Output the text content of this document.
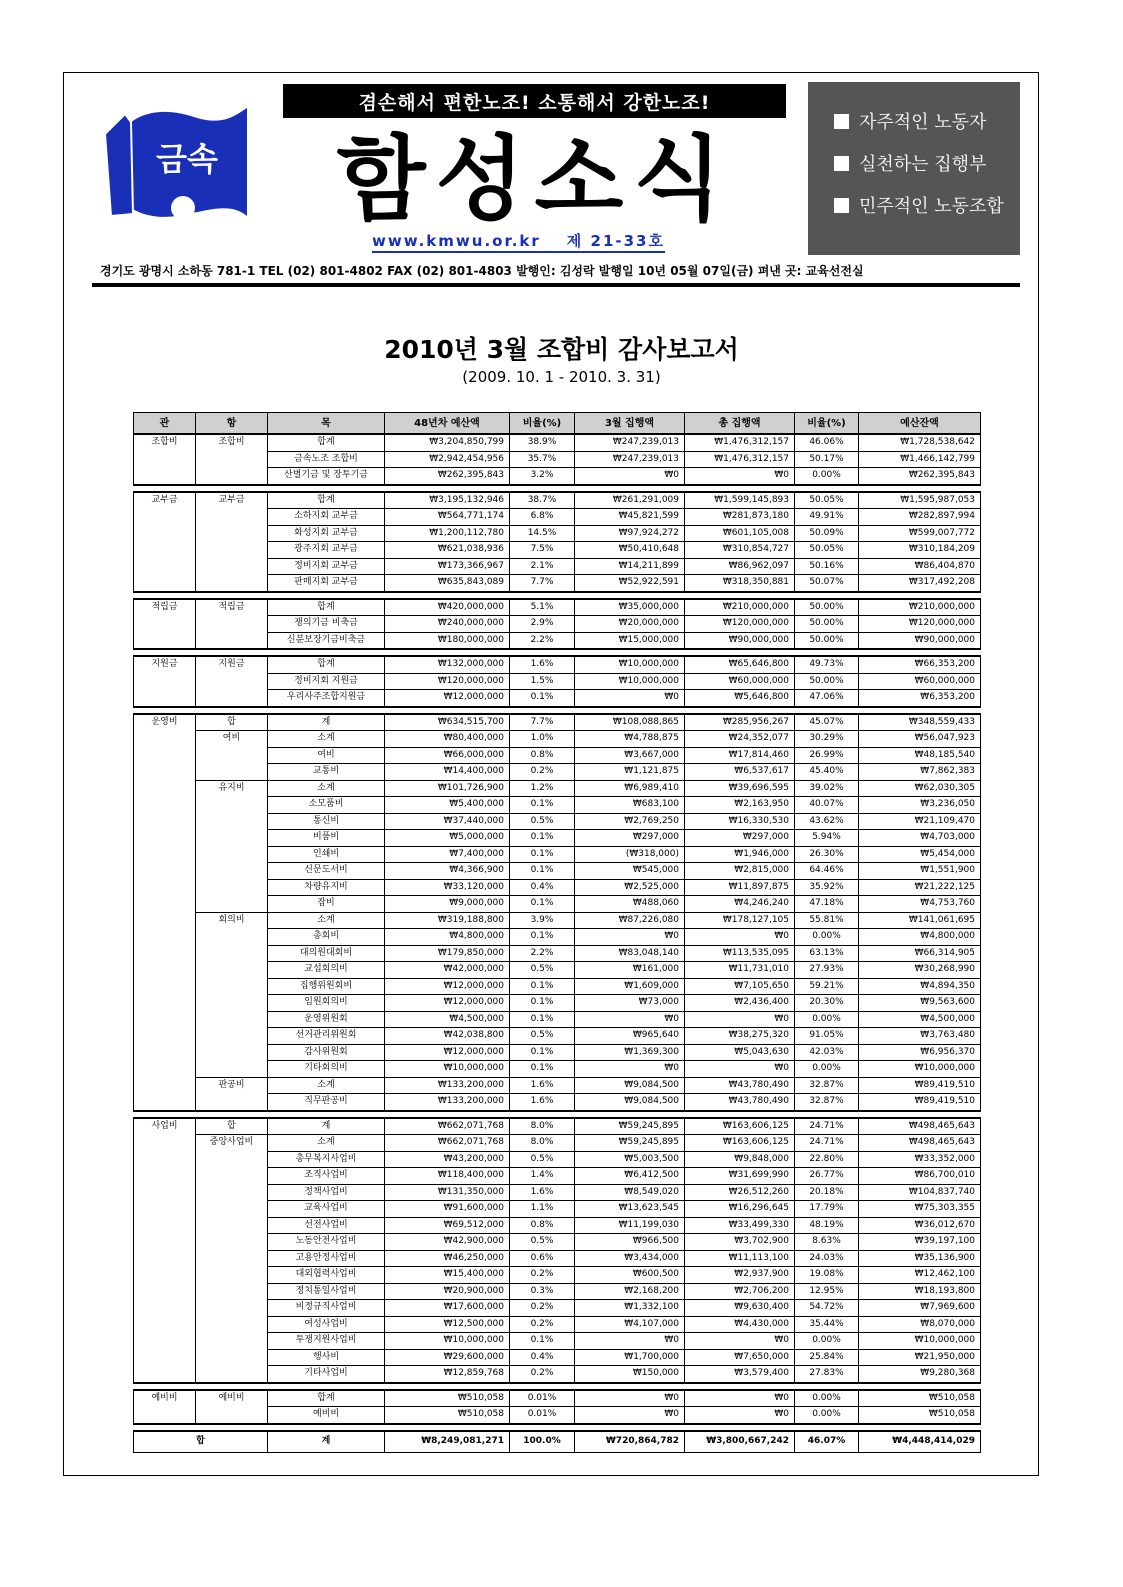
금속
겸손해서 편한노조! 소통해서 강한노조!
함성소식
www.kmwu.or.kr 제 21-33호
자주적인 노동자
실천하는 집행부
민주적인 노동조합
경기도 광명시 소하동 781-1 TEL (02) 801-4802 FAX (02) 801-4803 발행인: 김성락 발행일 10년 05월 07일(금) 펴낸 곳: 교육선전실
2010년 3월 조합비 감사보고서
(2009. 10. 1 - 2010. 3. 31)
관	항	목	48년차 예산액	비율(%)	3월 집행액	총 집행액	비율(%)	예산잔액
조합비	조합비	합계	₩3,204,850,799	38.9%	₩247,239,013	₩1,476,312,157	46.06%	₩1,728,538,642
		금속노조 조합비	₩2,942,454,956	35.7%	₩247,239,013	₩1,476,312,157	50.17%	₩1,466,142,799
		산별기금 및 장투기금	₩262,395,843	3.2%	₩0	₩0	0.00%	₩262,395,843

교부금	교부금	합계	₩3,195,132,946	38.7%	₩261,291,009	₩1,599,145,893	50.05%	₩1,595,987,053
		소하지회 교부금	₩564,771,174	6.8%	₩45,821,599	₩281,873,180	49.91%	₩282,897,994
		화성지회 교부금	₩1,200,112,780	14.5%	₩97,924,272	₩601,105,008	50.09%	₩599,007,772
		광주지회 교부금	₩621,038,936	7.5%	₩50,410,648	₩310,854,727	50.05%	₩310,184,209
		정비지회 교부금	₩173,366,967	2.1%	₩14,211,899	₩86,962,097	50.16%	₩86,404,870
		판매지회 교부금	₩635,843,089	7.7%	₩52,922,591	₩318,350,881	50.07%	₩317,492,208

적립금	적립금	합계	₩420,000,000	5.1%	₩35,000,000	₩210,000,000	50.00%	₩210,000,000
		쟁의기금 비축금	₩240,000,000	2.9%	₩20,000,000	₩120,000,000	50.00%	₩120,000,000
		신분보장기금비축금	₩180,000,000	2.2%	₩15,000,000	₩90,000,000	50.00%	₩90,000,000

지원금	지원금	합계	₩132,000,000	1.6%	₩10,000,000	₩65,646,800	49.73%	₩66,353,200
		정비지회 지원금	₩120,000,000	1.5%	₩10,000,000	₩60,000,000	50.00%	₩60,000,000
		우리사주조합지원금	₩12,000,000	0.1%	₩0	₩5,646,800	47.06%	₩6,353,200

운영비	합	계	₩634,515,700	7.7%	₩108,088,865	₩285,956,267	45.07%	₩348,559,433
	여비	소계	₩80,400,000	1.0%	₩4,788,875	₩24,352,077	30.29%	₩56,047,923
		여비	₩66,000,000	0.8%	₩3,667,000	₩17,814,460	26.99%	₩48,185,540
		교통비	₩14,400,000	0.2%	₩1,121,875	₩6,537,617	45.40%	₩7,862,383
	유지비	소계	₩101,726,900	1.2%	₩6,989,410	₩39,696,595	39.02%	₩62,030,305
		소모품비	₩5,400,000	0.1%	₩683,100	₩2,163,950	40.07%	₩3,236,050
		통신비	₩37,440,000	0.5%	₩2,769,250	₩16,330,530	43.62%	₩21,109,470
		비품비	₩5,000,000	0.1%	₩297,000	₩297,000	5.94%	₩4,703,000
		인쇄비	₩7,400,000	0.1%	(₩318,000)	₩1,946,000	26.30%	₩5,454,000
		신문도서비	₩4,366,900	0.1%	₩545,000	₩2,815,000	64.46%	₩1,551,900
		차량유지비	₩33,120,000	0.4%	₩2,525,000	₩11,897,875	35.92%	₩21,222,125
		잡비	₩9,000,000	0.1%	₩488,060	₩4,246,240	47.18%	₩4,753,760
	회의비	소계	₩319,188,800	3.9%	₩87,226,080	₩178,127,105	55.81%	₩141,061,695
		총회비	₩4,800,000	0.1%	₩0	₩0	0.00%	₩4,800,000
		대의원대회비	₩179,850,000	2.2%	₩83,048,140	₩113,535,095	63.13%	₩66,314,905
		교섭회의비	₩42,000,000	0.5%	₩161,000	₩11,731,010	27.93%	₩30,268,990
		집행위원회비	₩12,000,000	0.1%	₩1,609,000	₩7,105,650	59.21%	₩4,894,350
		임원회의비	₩12,000,000	0.1%	₩73,000	₩2,436,400	20.30%	₩9,563,600
		운영위원회	₩4,500,000	0.1%	₩0	₩0	0.00%	₩4,500,000
		선거관리위원회	₩42,038,800	0.5%	₩965,640	₩38,275,320	91.05%	₩3,763,480
		감사위원회	₩12,000,000	0.1%	₩1,369,300	₩5,043,630	42.03%	₩6,956,370
		기타회의비	₩10,000,000	0.1%	₩0	₩0	0.00%	₩10,000,000
	판공비	소계	₩133,200,000	1.6%	₩9,084,500	₩43,780,490	32.87%	₩89,419,510
		직무판공비	₩133,200,000	1.6%	₩9,084,500	₩43,780,490	32.87%	₩89,419,510

사업비	합	계	₩662,071,768	8.0%	₩59,245,895	₩163,606,125	24.71%	₩498,465,643
	중앙사업비	소계	₩662,071,768	8.0%	₩59,245,895	₩163,606,125	24.71%	₩498,465,643
		총무복지사업비	₩43,200,000	0.5%	₩5,003,500	₩9,848,000	22.80%	₩33,352,000
		조직사업비	₩118,400,000	1.4%	₩6,412,500	₩31,699,990	26.77%	₩86,700,010
		정책사업비	₩131,350,000	1.6%	₩8,549,020	₩26,512,260	20.18%	₩104,837,740
		교육사업비	₩91,600,000	1.1%	₩13,623,545	₩16,296,645	17.79%	₩75,303,355
		선전사업비	₩69,512,000	0.8%	₩11,199,030	₩33,499,330	48.19%	₩36,012,670
		노동안전사업비	₩42,900,000	0.5%	₩966,500	₩3,702,900	8.63%	₩39,197,100
		고용안정사업비	₩46,250,000	0.6%	₩3,434,000	₩11,113,100	24.03%	₩35,136,900
		대외협력사업비	₩15,400,000	0.2%	₩600,500	₩2,937,900	19.08%	₩12,462,100
		정치통일사업비	₩20,900,000	0.3%	₩2,168,200	₩2,706,200	12.95%	₩18,193,800
		비정규직사업비	₩17,600,000	0.2%	₩1,332,100	₩9,630,400	54.72%	₩7,969,600
		여성사업비	₩12,500,000	0.2%	₩4,107,000	₩4,430,000	35.44%	₩8,070,000
		투쟁지원사업비	₩10,000,000	0.1%	₩0	₩0	0.00%	₩10,000,000
		행사비	₩29,600,000	0.4%	₩1,700,000	₩7,650,000	25.84%	₩21,950,000
		기타사업비	₩12,859,768	0.2%	₩150,000	₩3,579,400	27.83%	₩9,280,368

예비비	예비비	합계	₩510,058	0.01%	₩0	₩0	0.00%	₩510,058
		예비비	₩510,058	0.01%	₩0	₩0	0.00%	₩510,058

합		계	₩8,249,081,271	100.0%	₩720,864,782	₩3,800,667,242	46.07%	₩4,448,414,029
